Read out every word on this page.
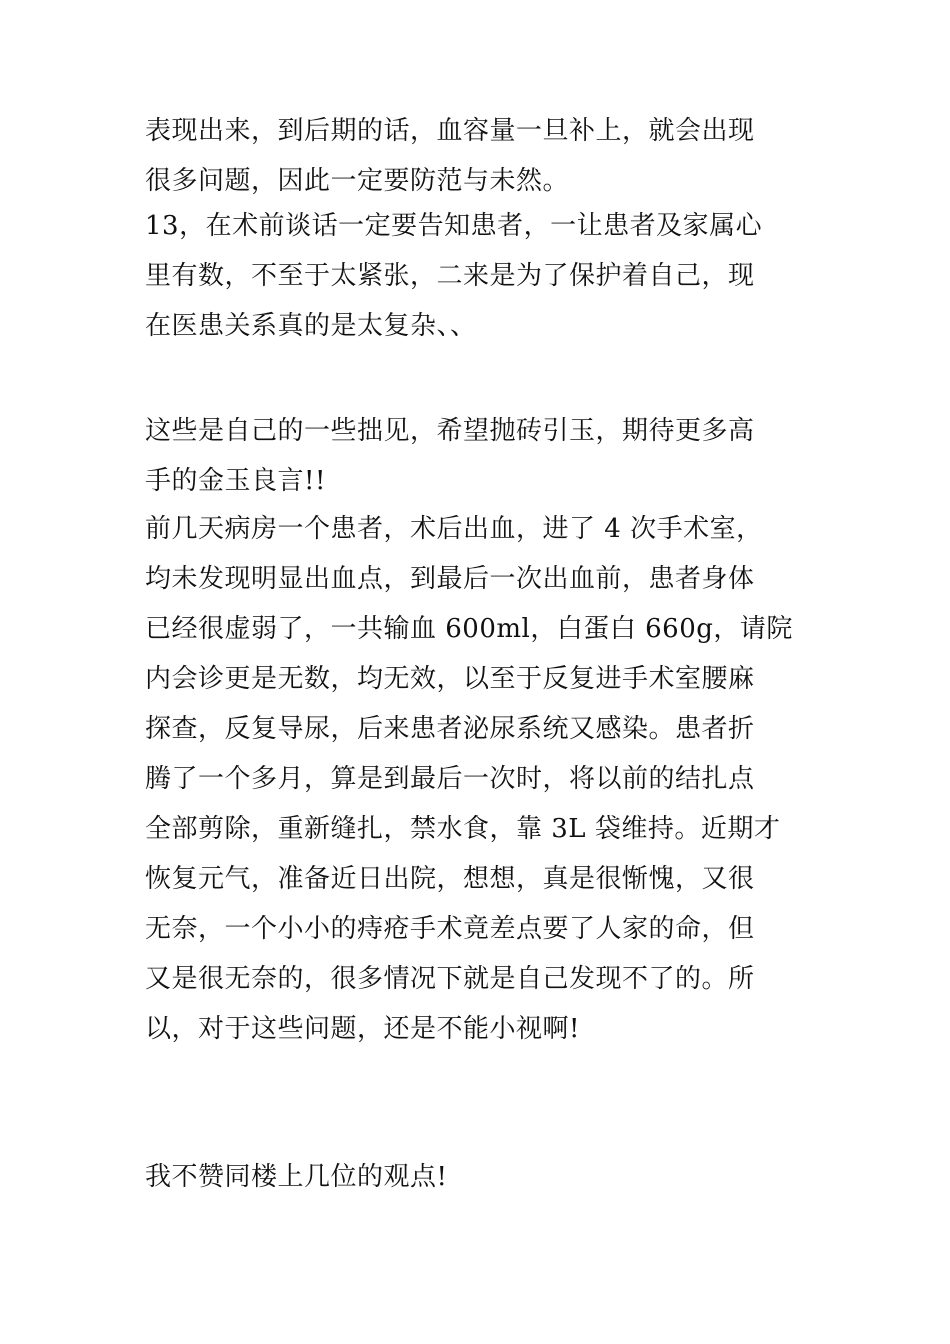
表现出来，到后期的话，血容量一旦补上，就会出现
很多问题，因此一定要防范与未然。
13，在术前谈话一定要告知患者，一让患者及家属心
里有数，不至于太紧张，二来是为了保护着自己，现
在医患关系真的是太复杂、、
这些是自己的一些拙见，希望抛砖引玉，期待更多高
手的金玉良言!!
前几天病房一个患者，术后出血，进了 4 次手术室，
均未发现明显出血点，到最后一次出血前，患者身体
已经很虚弱了，一共输血 600ml，白蛋白 660g，请院
内会诊更是无数，均无效，以至于反复进手术室腰麻
探查，反复导尿，后来患者泌尿系统又感染。患者折
腾了一个多月，算是到最后一次时，将以前的结扎点
全部剪除，重新缝扎，禁水食，靠 3L 袋维持。近期才
恢复元气，准备近日出院，想想，真是很惭愧，又很
无奈，一个小小的痔疮手术竟差点要了人家的命，但
又是很无奈的，很多情况下就是自己发现不了的。所
以，对于这些问题，还是不能小视啊!
我不赞同楼上几位的观点!
